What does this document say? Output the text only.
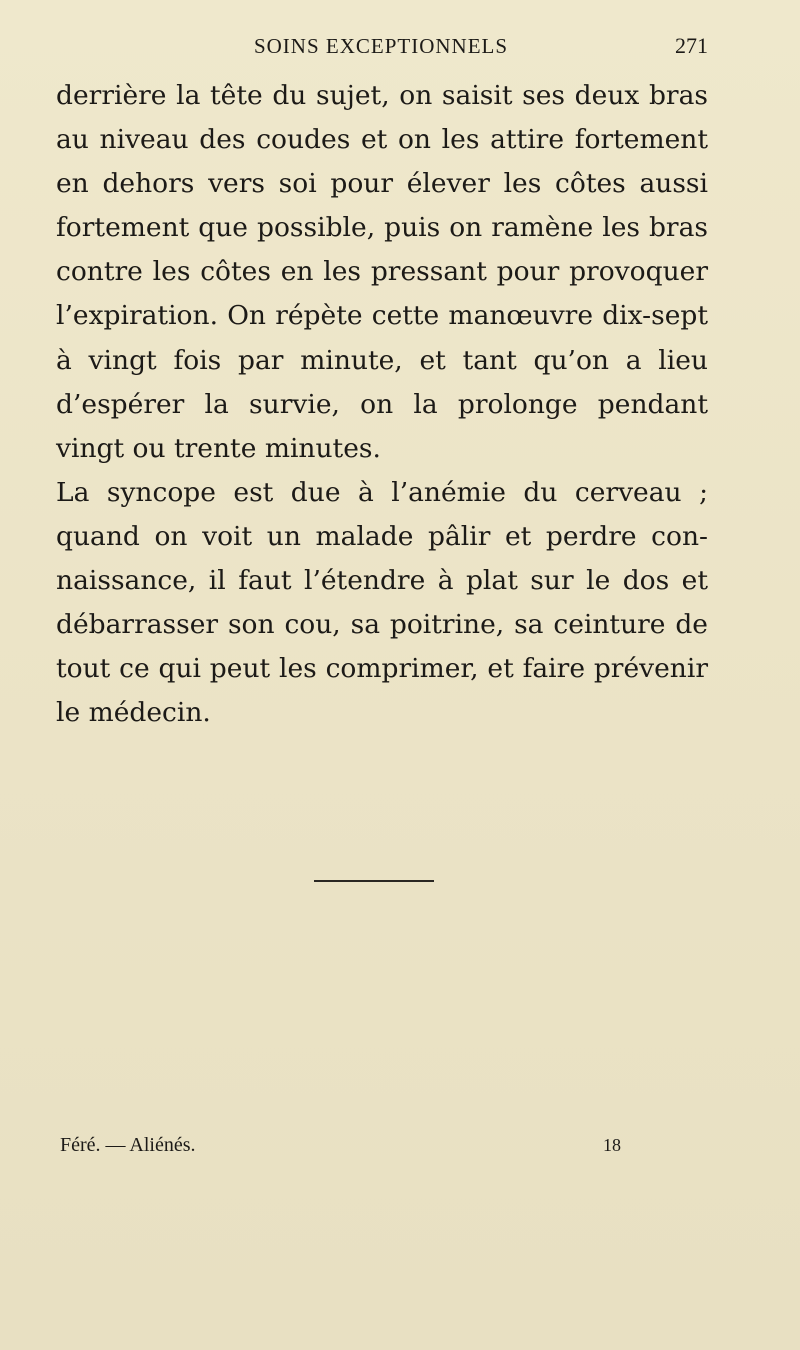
SOINS EXCEPTIONNELS	271

derrière la tête du sujet, on saisit ses deux bras
au niveau des coudes et on les attire fortement
en dehors vers soi pour élever les côtes aussi
fortement que possible, puis on ramène les bras
contre les côtes en les pressant pour provoquer
l’expiration. On répète cette manœuvre dix-sept
à vingt fois par minute, et tant qu’on a lieu
d’espérer la survie, on la prolonge pendant
vingt ou trente minutes.

La syncope est due à l’anémie du cerveau ;
quand on voit un malade pâlir et perdre con-
naissance, il faut l’étendre à plat sur le dos et
débarrasser son cou, sa poitrine, sa ceinture de
tout ce qui peut les comprimer, et faire prévenir
le médecin.

Féré. — Aliénés.	18
